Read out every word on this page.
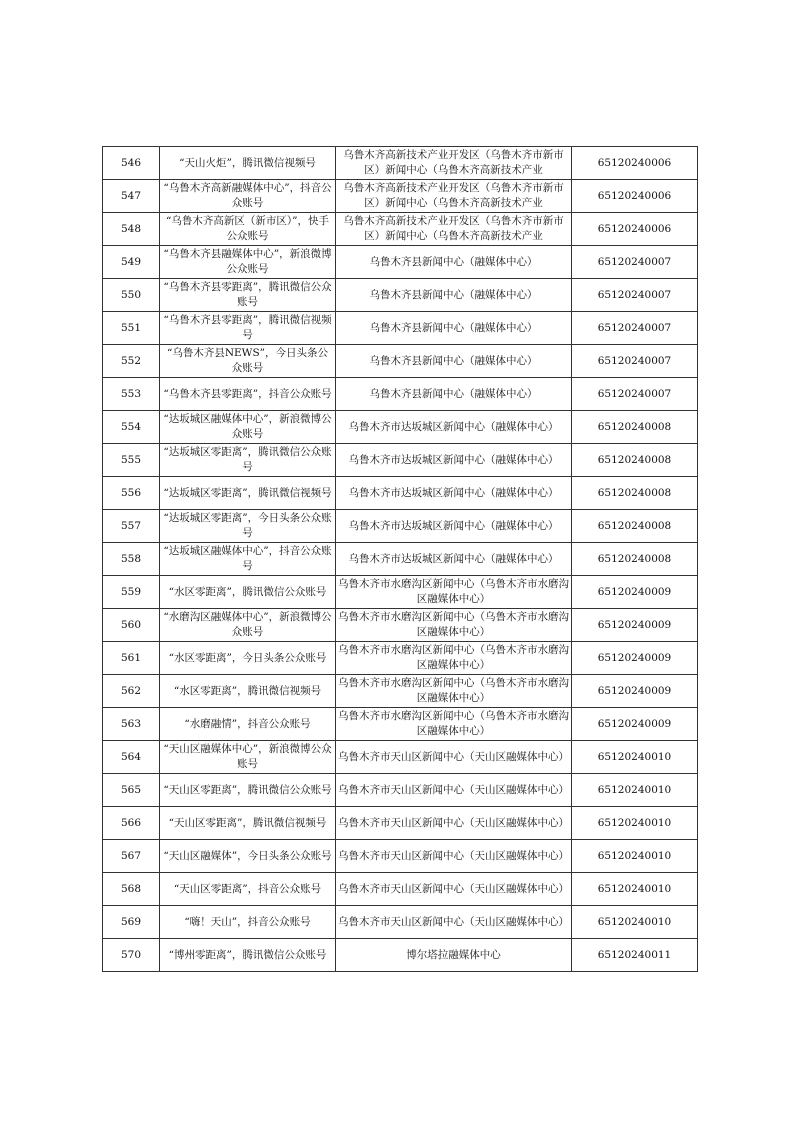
546	“天山火炬”，腾讯微信视频号	乌鲁木齐高新技术产业开发区（乌鲁木齐市新市区）新闻中心（乌鲁木齐高新技术产业	65120240006

547	“乌鲁木齐高新融媒体中心”，抖音公众账号	乌鲁木齐高新技术产业开发区（乌鲁木齐市新市区）新闻中心（乌鲁木齐高新技术产业	65120240006

548	“乌鲁木齐高新区（新市区）”，快手公众账号	乌鲁木齐高新技术产业开发区（乌鲁木齐市新市区）新闻中心（乌鲁木齐高新技术产业	65120240006

549	“乌鲁木齐县融媒体中心”，新浪微博公众账号	乌鲁木齐县新闻中心（融媒体中心）	65120240007

550	“乌鲁木齐县零距离”，腾讯微信公众账号	乌鲁木齐县新闻中心（融媒体中心）	65120240007

551	“乌鲁木齐县零距离”，腾讯微信视频号	乌鲁木齐县新闻中心（融媒体中心）	65120240007

552	“乌鲁木齐县NEWS”，今日头条公众账号	乌鲁木齐县新闻中心（融媒体中心）	65120240007

553	“乌鲁木齐县零距离”，抖音公众账号	乌鲁木齐县新闻中心（融媒体中心）	65120240007

554	“达坂城区融媒体中心”，新浪微博公众账号	乌鲁木齐市达坂城区新闻中心（融媒体中心）	65120240008

555	“达坂城区零距离”，腾讯微信公众账号	乌鲁木齐市达坂城区新闻中心（融媒体中心）	65120240008

556	“达坂城区零距离”，腾讯微信视频号	乌鲁木齐市达坂城区新闻中心（融媒体中心）	65120240008

557	“达坂城区零距离”，今日头条公众账号	乌鲁木齐市达坂城区新闻中心（融媒体中心）	65120240008

558	“达坂城区融媒体中心”，抖音公众账号	乌鲁木齐市达坂城区新闻中心（融媒体中心）	65120240008

559	“水区零距离”，腾讯微信公众账号	乌鲁木齐市水磨沟区新闻中心（乌鲁木齐市水磨沟区融媒体中心）	65120240009

560	“水磨沟区融媒体中心”，新浪微博公众账号	乌鲁木齐市水磨沟区新闻中心（乌鲁木齐市水磨沟区融媒体中心）	65120240009

561	“水区零距离”，今日头条公众账号	乌鲁木齐市水磨沟区新闻中心（乌鲁木齐市水磨沟区融媒体中心）	65120240009

562	“水区零距离”，腾讯微信视频号	乌鲁木齐市水磨沟区新闻中心（乌鲁木齐市水磨沟区融媒体中心）	65120240009

563	“水磨融情”，抖音公众账号	乌鲁木齐市水磨沟区新闻中心（乌鲁木齐市水磨沟区融媒体中心）	65120240009

564	“天山区融媒体中心”，新浪微博公众账号	乌鲁木齐市天山区新闻中心（天山区融媒体中心）	65120240010

565	“天山区零距离”，腾讯微信公众账号	乌鲁木齐市天山区新闻中心（天山区融媒体中心）	65120240010

566	“天山区零距离”，腾讯微信视频号	乌鲁木齐市天山区新闻中心（天山区融媒体中心）	65120240010

567	“天山区融媒体”，今日头条公众账号	乌鲁木齐市天山区新闻中心（天山区融媒体中心）	65120240010

568	“天山区零距离”，抖音公众账号	乌鲁木齐市天山区新闻中心（天山区融媒体中心）	65120240010

569	“嗨！天山”，抖音公众账号	乌鲁木齐市天山区新闻中心（天山区融媒体中心）	65120240010

570	“博州零距离”，腾讯微信公众账号	博尔塔拉融媒体中心	65120240011
